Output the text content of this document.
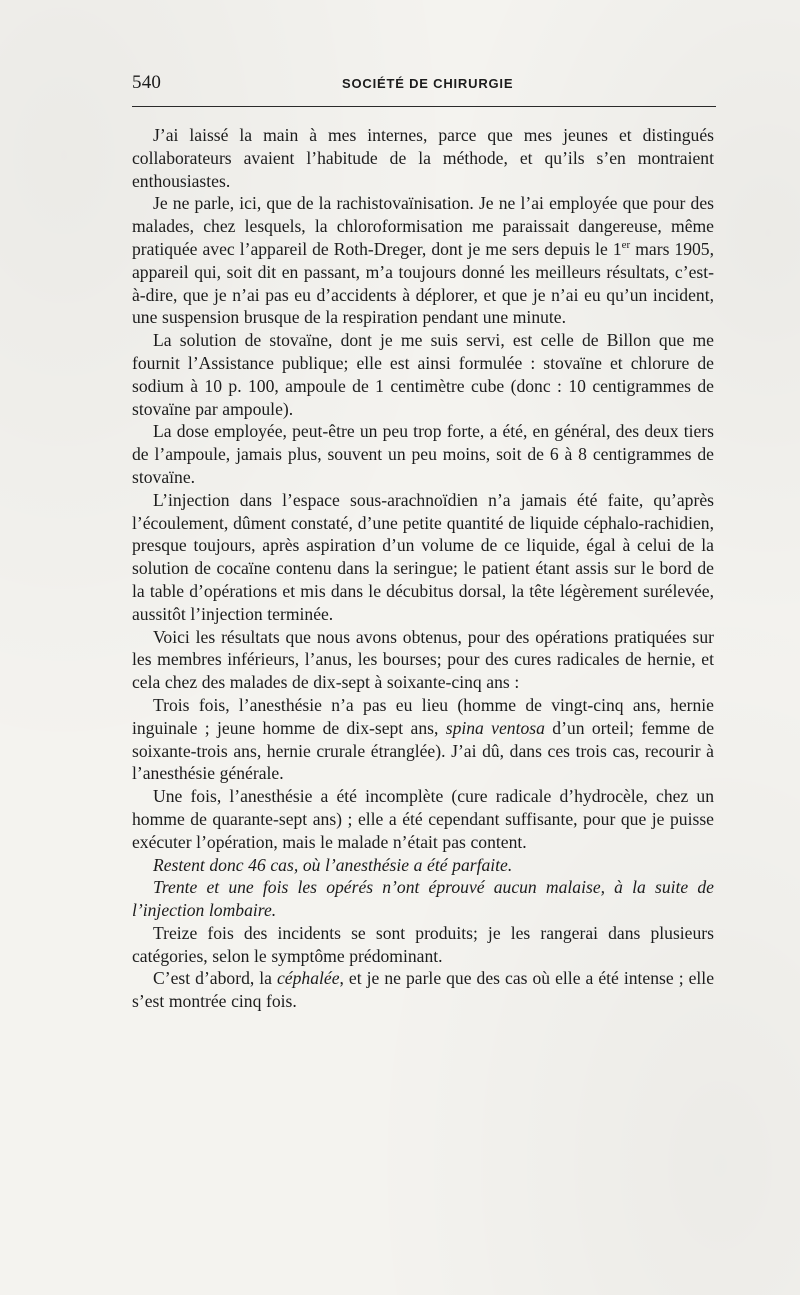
540	SOCIÉTÉ DE CHIRURGIE

J’ai laissé la main à mes internes, parce que mes jeunes et distingués collaborateurs avaient l’habitude de la méthode, et qu’ils s’en montraient enthousiastes.

Je ne parle, ici, que de la rachistovaïnisation. Je ne l’ai employée que pour des malades, chez lesquels, la chloroformisation me paraissait dangereuse, même pratiquée avec l’appareil de Roth-Dreger, dont je me sers depuis le 1er mars 1905, appareil qui, soit dit en passant, m’a toujours donné les meilleurs résultats, c’est-à-dire, que je n’ai pas eu d’accidents à déplorer, et que je n’ai eu qu’un incident, une suspension brusque de la respiration pendant une minute.

La solution de stovaïne, dont je me suis servi, est celle de Billon que me fournit l’Assistance publique; elle est ainsi formulée : stovaïne et chlorure de sodium à 10 p. 100, ampoule de 1 centimètre cube (donc : 10 centigrammes de stovaïne par ampoule).

La dose employée, peut-être un peu trop forte, a été, en général, des deux tiers de l’ampoule, jamais plus, souvent un peu moins, soit de 6 à 8 centigrammes de stovaïne.

L’injection dans l’espace sous-arachnoïdien n’a jamais été faite, qu’après l’écoulement, dûment constaté, d’une petite quantité de liquide céphalo-rachidien, presque toujours, après aspiration d’un volume de ce liquide, égal à celui de la solution de cocaïne contenu dans la seringue; le patient étant assis sur le bord de la table d’opérations et mis dans le décubitus dorsal, la tête légèrement surélevée, aussitôt l’injection terminée.

Voici les résultats que nous avons obtenus, pour des opérations pratiquées sur les membres inférieurs, l’anus, les bourses; pour des cures radicales de hernie, et cela chez des malades de dix-sept à soixante-cinq ans :

Trois fois, l’anesthésie n’a pas eu lieu (homme de vingt-cinq ans, hernie inguinale ; jeune homme de dix-sept ans, spina ventosa d’un orteil; femme de soixante-trois ans, hernie crurale étranglée). J’ai dû, dans ces trois cas, recourir à l’anesthésie générale.

Une fois, l’anesthésie a été incomplète (cure radicale d’hydrocèle, chez un homme de quarante-sept ans) ; elle a été cependant suffisante, pour que je puisse exécuter l’opération, mais le malade n’était pas content.

Restent donc 46 cas, où l’anesthésie a été parfaite.

Trente et une fois les opérés n’ont éprouvé aucun malaise, à la suite de l’injection lombaire.

Treize fois des incidents se sont produits; je les rangerai dans plusieurs catégories, selon le symptôme prédominant.

C’est d’abord, la céphalée, et je ne parle que des cas où elle a été intense ; elle s’est montrée cinq fois.
